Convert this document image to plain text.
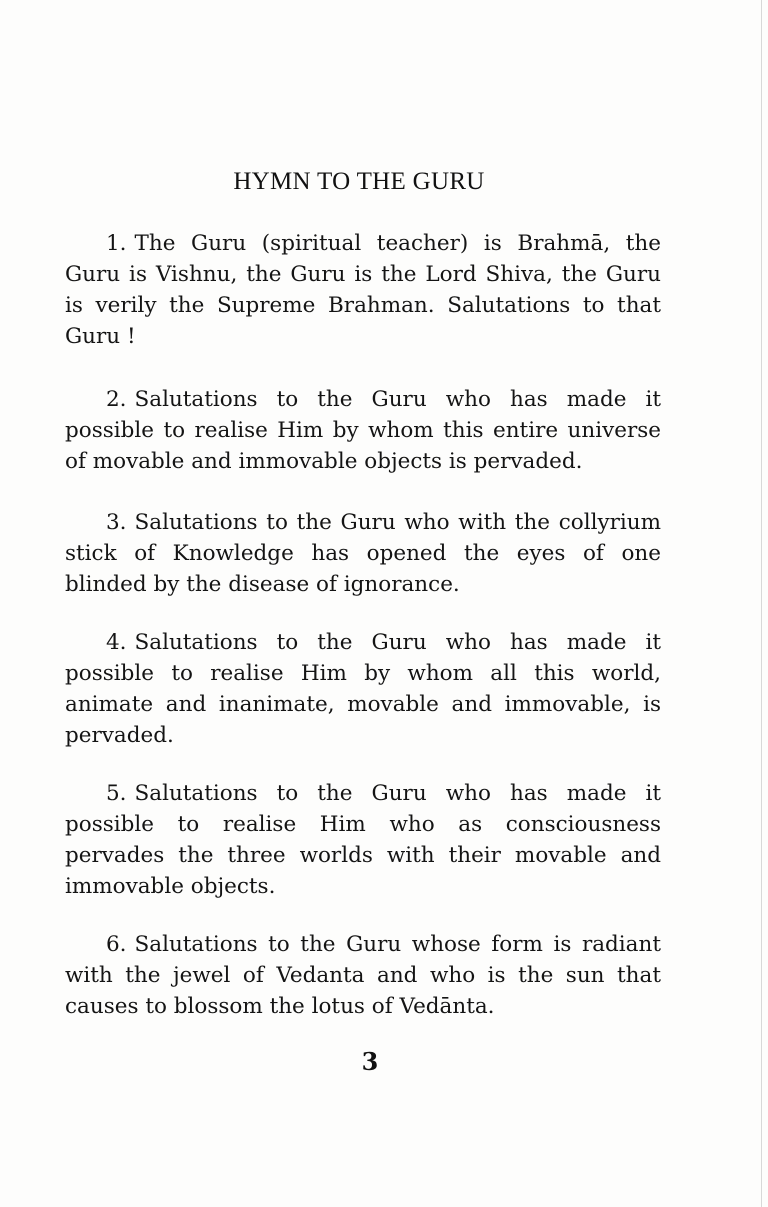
HYMN TO THE GURU

1. The Guru (spiritual teacher) is Brahmā, the Guru is Vishnu, the Guru is the Lord Shiva, the Guru is verily the Supreme Brahman. Salutations to that Guru !

2. Salutations to the Guru who has made it possible to realise Him by whom this entire universe of movable and immovable objects is pervaded.

3. Salutations to the Guru who with the collyrium stick of Knowledge has opened the eyes of one blinded by the disease of ignorance.

4. Salutations to the Guru who has made it possible to realise Him by whom all this world, animate and inanimate, movable and immovable, is pervaded.

5. Salutations to the Guru who has made it possible to realise Him who as consciousness pervades the three worlds with their movable and immovable objects.

6. Salutations to the Guru whose form is radiant with the jewel of Vedanta and who is the sun that causes to blossom the lotus of Vedānta.

3
